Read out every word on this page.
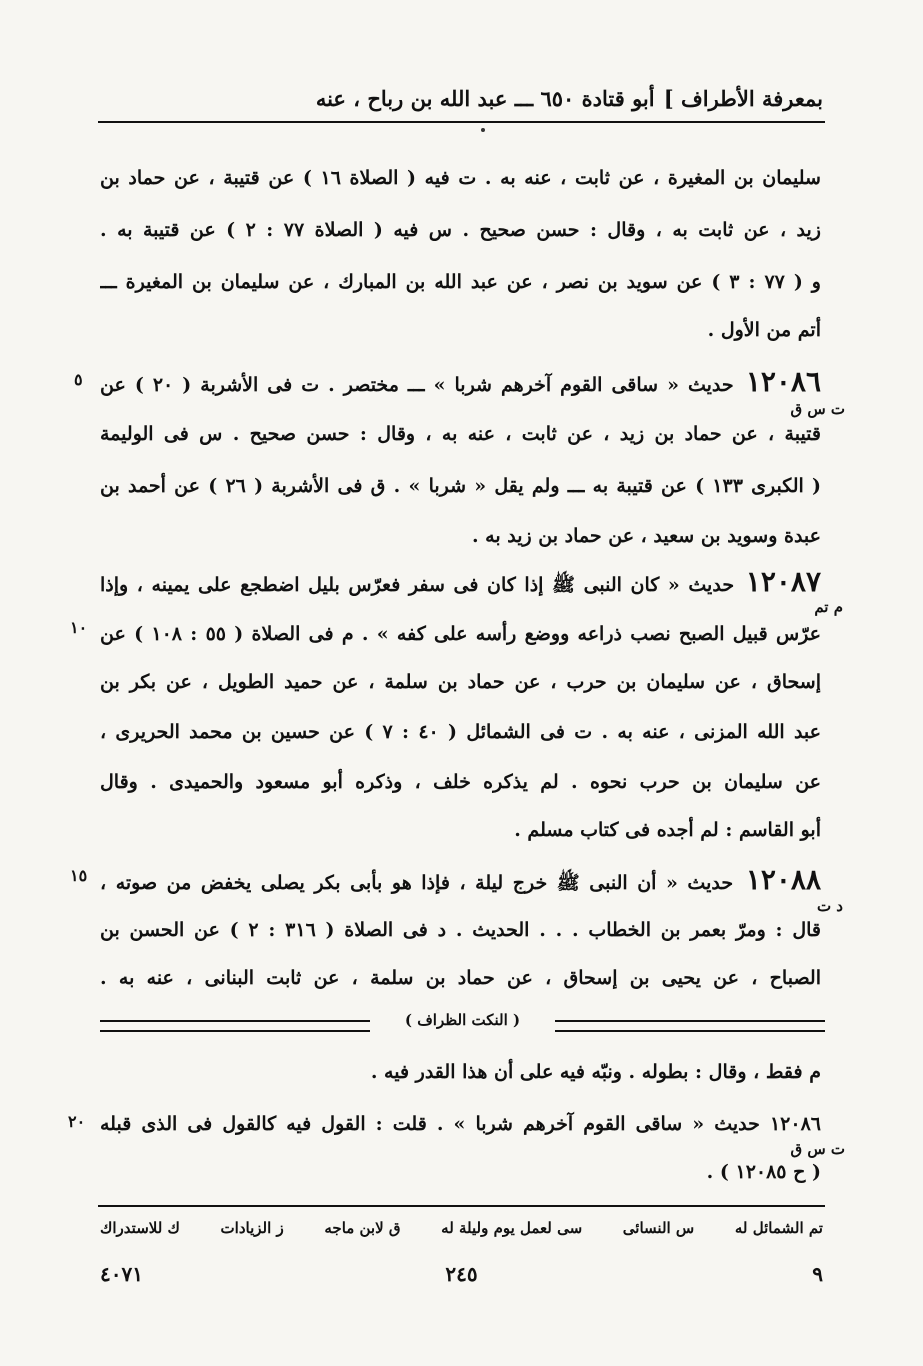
بمعرفة الأطراف ]
أبو قتادة ٦٥٠ ـــ عبد الله بن رباح ، عنه
سليمان بن المغيرة ، عن ثابت ، عنه به . ت فيه ( الصلاة ١٦ ) عن قتيبة ، عن حماد بن
زيد ، عن ثابت به ، وقال : حسن صحيح . س فيه ( الصلاة ٧٧ : ٢ ) عن قتيبة به .
و ( ٧٧ : ٣ ) عن سويد بن نصر ، عن عبد الله بن المبارك ، عن سليمان بن المغيرة ـــ
أتم من الأول .
١٢٠٨٦ حديث « ساقى القوم آخرهم شربا » ـــ مختصر . ت فى الأشربة ( ٢٠ ) عن
قتيبة ، عن حماد بن زيد ، عن ثابت ، عنه به ، وقال : حسن صحيح . س فى الوليمة
( الكبرى ١٣٣ ) عن قتيبة به ـــ ولم يقل « شربا » . ق فى الأشربة ( ٢٦ ) عن أحمد بن
عبدة وسويد بن سعيد ، عن حماد بن زيد به .
١٢٠٨٧ حديث « كان النبى ﷺ إذا كان فى سفر فعرّس بليل اضطجع على يمينه ، وإذا
عرّس قبيل الصبح نصب ذراعه ووضع رأسه على كفه » . م فى الصلاة ( ٥٥ : ١٠٨ ) عن
إسحاق ، عن سليمان بن حرب ، عن حماد بن سلمة ، عن حميد الطويل ، عن بكر بن
عبد الله المزنى ، عنه به . ت فى الشمائل ( ٤٠ : ٧ ) عن حسين بن محمد الحريرى ،
عن سليمان بن حرب نحوه . لم يذكره خلف ، وذكره أبو مسعود والحميدى . وقال
أبو القاسم : لم أجده فى كتاب مسلم .
١٢٠٨٨ حديث « أن النبى ﷺ خرج ليلة ، فإذا هو بأبى بكر يصلى يخفض من صوته ،
قال : ومرّ بعمر بن الخطاب . . . الحديث . د فى الصلاة ( ٣١٦ : ٢ ) عن الحسن بن
الصباح ، عن يحيى بن إسحاق ، عن حماد بن سلمة ، عن ثابت البنانى ، عنه به .
( النكت الظراف )
م فقط ، وقال : بطوله . ونبّه فيه على أن هذا القدر فيه .
١٢٠٨٦ حديث « ساقى القوم آخرهم شربا » . قلت : القول فيه كالقول فى الذى قبله
( ح ١٢٠٨٥ ) .
ت س ق
م تم
د ت
ت س ق
٥
١٠
١٥
٢٠
تم الشمائل له
س النسائى
سى لعمل يوم وليلة له
ق لابن ماجه
ز الزيادات
ك للاستدراك
٩
٢٤٥
٤٠٧١
